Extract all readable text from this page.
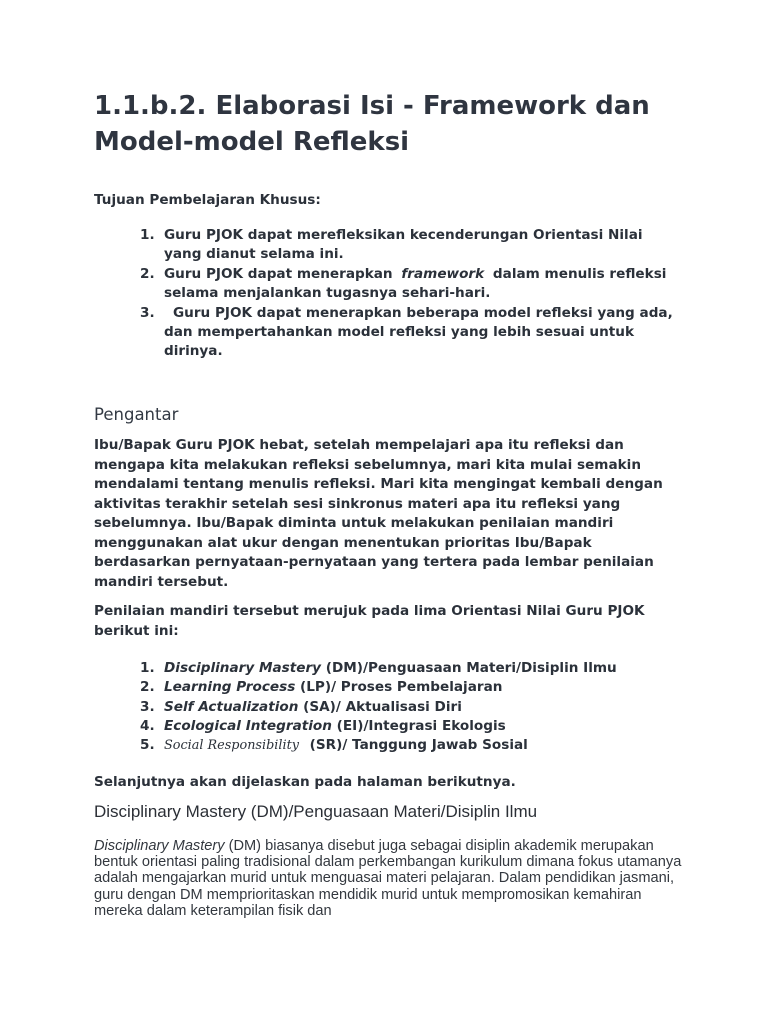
1.1.b.2. Elaborasi Isi - Framework dan Model-model Refleksi

Tujuan Pembelajaran Khusus:

1. Guru PJOK dapat merefleksikan kecenderungan Orientasi Nilai yang dianut selama ini.
2. Guru PJOK dapat menerapkan framework dalam menulis refleksi selama menjalankan tugasnya sehari-hari.
3. Guru PJOK dapat menerapkan beberapa model refleksi yang ada, dan mempertahankan model refleksi yang lebih sesuai untuk dirinya.
Pengantar

Ibu/Bapak Guru PJOK hebat, setelah mempelajari apa itu refleksi dan mengapa kita melakukan refleksi sebelumnya, mari kita mulai semakin mendalami tentang menulis refleksi. Mari kita mengingat kembali dengan aktivitas terakhir setelah sesi sinkronus materi apa itu refleksi yang sebelumnya. Ibu/Bapak diminta untuk melakukan penilaian mandiri menggunakan alat ukur dengan menentukan prioritas Ibu/Bapak berdasarkan pernyataan-pernyataan yang tertera pada lembar penilaian mandiri tersebut.

Penilaian mandiri tersebut merujuk pada lima Orientasi Nilai Guru PJOK berikut ini:

1. Disciplinary Mastery (DM)/Penguasaan Materi/Disiplin Ilmu
2. Learning Process (LP)/ Proses Pembelajaran
3. Self Actualization (SA)/ Aktualisasi Diri
4. Ecological Integration (EI)/Integrasi Ekologis
5. Social Responsibility (SR)/ Tanggung Jawab Sosial

Selanjutnya akan dijelaskan pada halaman berikutnya.

Disciplinary Mastery (DM)/Penguasaan Materi/Disiplin Ilmu

Disciplinary Mastery (DM) biasanya disebut juga sebagai disiplin akademik merupakan bentuk orientasi paling tradisional dalam perkembangan kurikulum dimana fokus utamanya adalah mengajarkan murid untuk menguasai materi pelajaran. Dalam pendidikan jasmani, guru dengan DM memprioritaskan mendidik murid untuk mempromosikan kemahiran mereka dalam keterampilan fisik dan
